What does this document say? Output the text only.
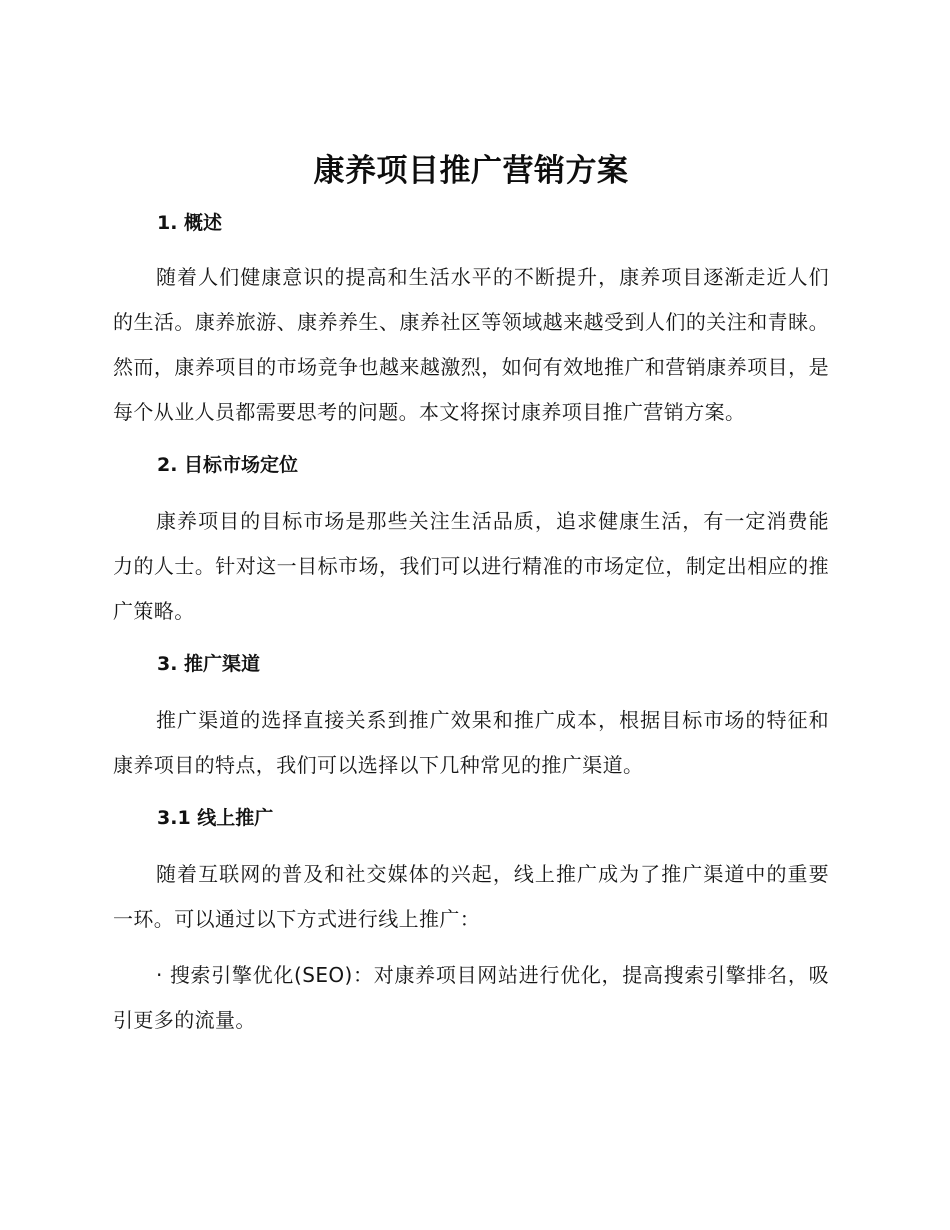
康养项目推广营销方案
1. 概述

随着人们健康意识的提高和生活水平的不断提升，康养项目逐渐走近人们的生活。康养旅游、康养养生、康养社区等领域越来越受到人们的关注和青睐。然而，康养项目的市场竞争也越来越激烈，如何有效地推广和营销康养项目，是每个从业人员都需要思考的问题。本文将探讨康养项目推广营销方案。

2. 目标市场定位

康养项目的目标市场是那些关注生活品质，追求健康生活，有一定消费能力的人士。针对这一目标市场，我们可以进行精准的市场定位，制定出相应的推广策略。

3. 推广渠道

推广渠道的选择直接关系到推广效果和推广成本，根据目标市场的特征和康养项目的特点，我们可以选择以下几种常见的推广渠道。

3.1 线上推广

随着互联网的普及和社交媒体的兴起，线上推广成为了推广渠道中的重要一环。可以通过以下方式进行线上推广：

· 搜索引擎优化(SEO)：对康养项目网站进行优化，提高搜索引擎排名，吸引更多的流量。
